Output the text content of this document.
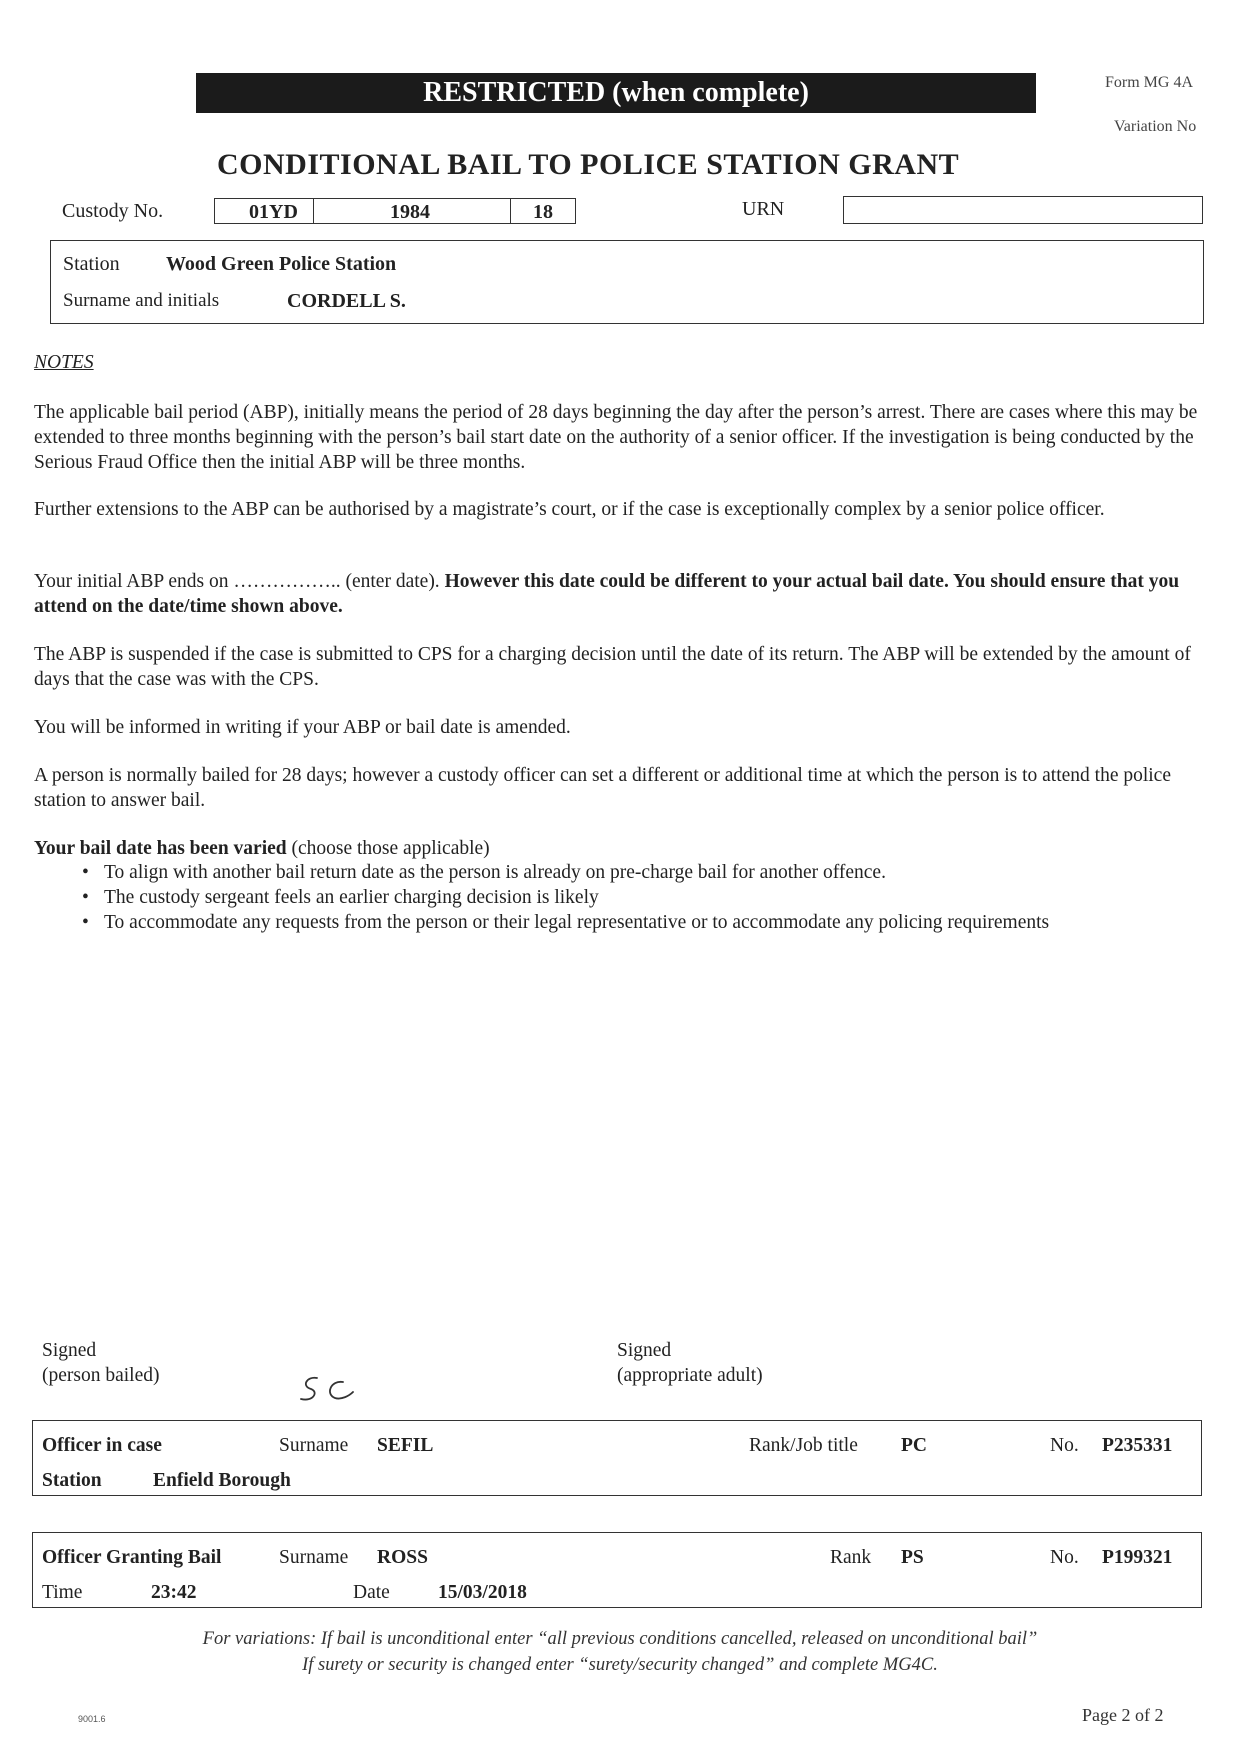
RESTRICTED (when complete)	Form MG 4A
Variation No
CONDITIONAL BAIL TO POLICE STATION GRANT
Custody No.	01YD	1984	18	URN
Station Wood Green Police Station
Surname and initials	CORDELL S.
NOTES
The applicable bail period (ABP), initially means the period of 28 days beginning the day after the person’s arrest. There are cases where this may be extended to three months beginning with the person’s bail start date on the authority of a senior officer. If the investigation is being conducted by the Serious Fraud Office then the initial ABP will be three months.
Further extensions to the ABP can be authorised by a magistrate’s court, or if the case is exceptionally complex by a senior police officer.
Your initial ABP ends on …………….. (enter date). However this date could be different to your actual bail date. You should ensure that you attend on the date/time shown above.
The ABP is suspended if the case is submitted to CPS for a charging decision until the date of its return. The ABP will be extended by the amount of days that the case was with the CPS.
You will be informed in writing if your ABP or bail date is amended.
A person is normally bailed for 28 days; however a custody officer can set a different or additional time at which the person is to attend the police station to answer bail.
Your bail date has been varied (choose those applicable)
• To align with another bail return date as the person is already on pre-charge bail for another offence.
• The custody sergeant feels an earlier charging decision is likely
• To accommodate any requests from the person or their legal representative or to accommodate any policing requirements
Signed
(person bailed)
Signed
(appropriate adult)
Officer in case	Surname SEFIL	Rank/Job title PC	No. P235331
Station	Enfield Borough
Officer Granting Bail	Surname ROSS	Rank PS	No. P199321
Time	23:42	Date 15/03/2018
For variations: If bail is unconditional enter “all previous conditions cancelled, released on unconditional bail”
If surety or security is changed enter “surety/security changed” and complete MG4C.
9001.6	Page 2 of 2
